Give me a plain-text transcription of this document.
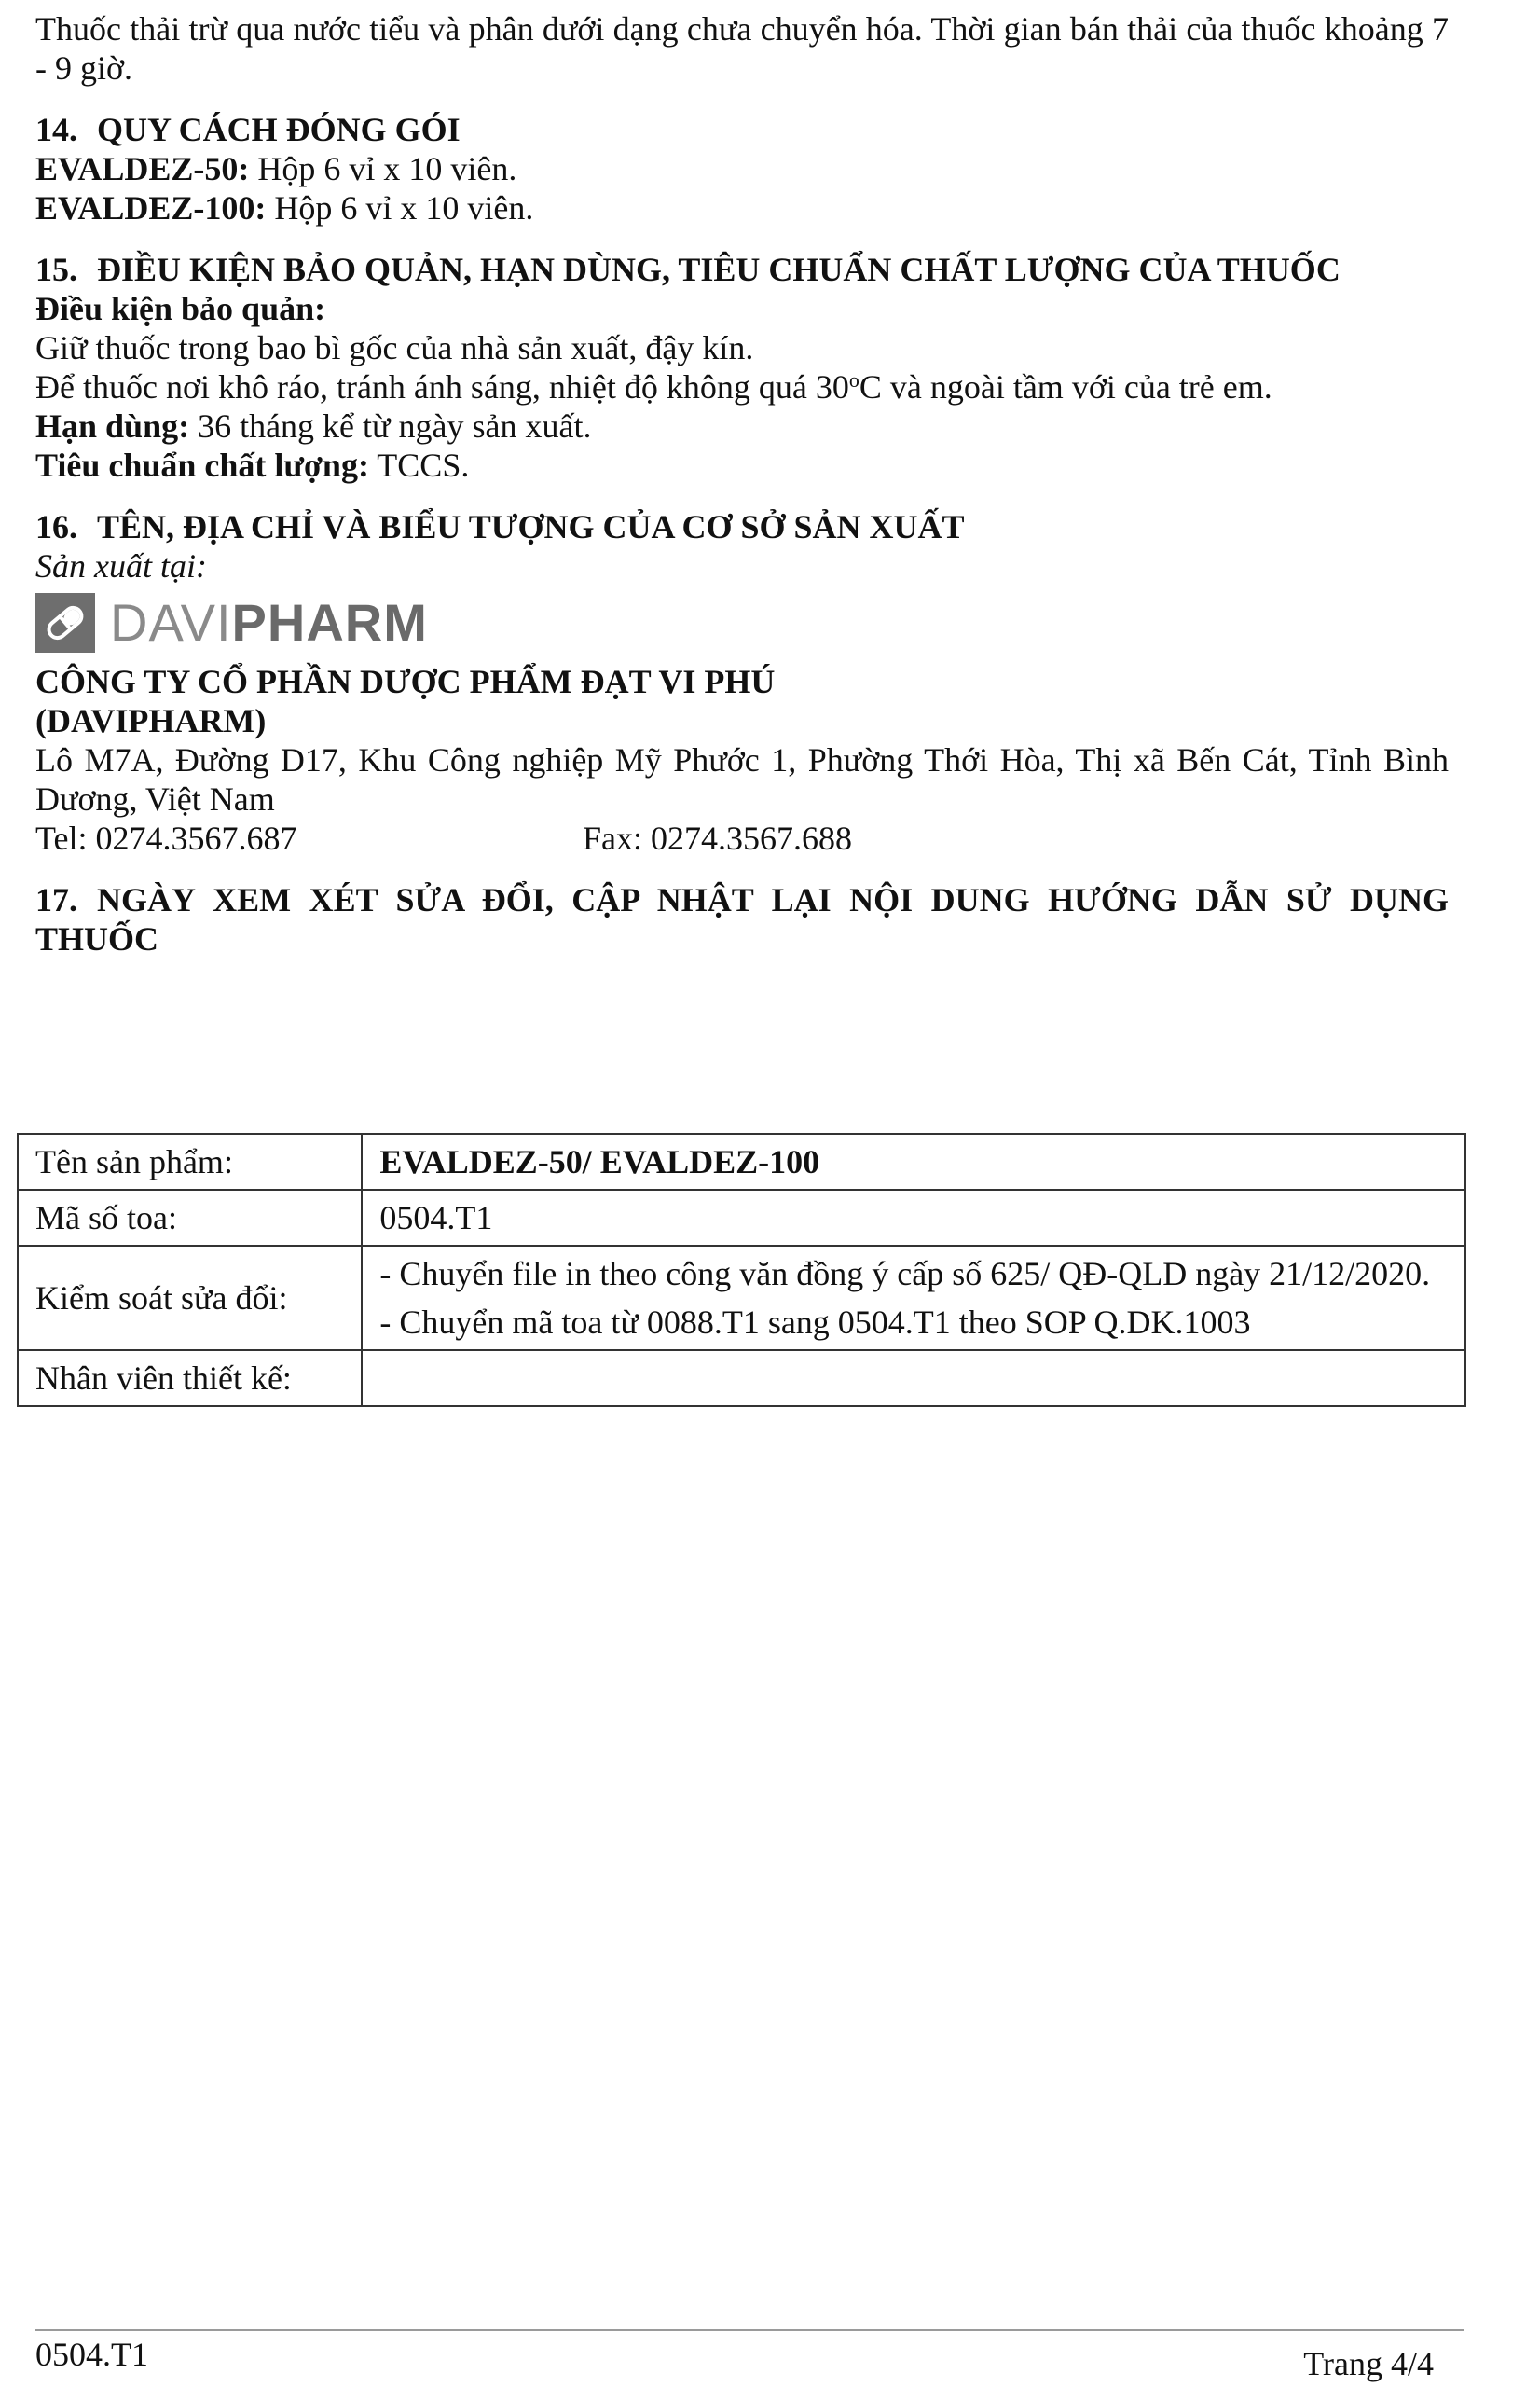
Thuốc thải trừ qua nước tiểu và phân dưới dạng chưa chuyển hóa. Thời gian bán thải của thuốc khoảng 7 - 9 giờ.

14. QUY CÁCH ĐÓNG GÓI

EVALDEZ-50: Hộp 6 vỉ x 10 viên.

EVALDEZ-100: Hộp 6 vỉ x 10 viên.

15. ĐIỀU KIỆN BẢO QUẢN, HẠN DÙNG, TIÊU CHUẨN CHẤT LƯỢNG CỦA THUỐC

Điều kiện bảo quản:

Giữ thuốc trong bao bì gốc của nhà sản xuất, đậy kín.

Để thuốc nơi khô ráo, tránh ánh sáng, nhiệt độ không quá 30$^o$C và ngoài tầm với của trẻ em.

Hạn dùng: 36 tháng kể từ ngày sản xuất.

Tiêu chuẩn chất lượng: TCCS.

16. TÊN, ĐỊA CHỈ VÀ BIỂU TƯỢNG CỦA CƠ SỞ SẢN XUẤT

Sản xuất tại:

DAVIPHARM

CÔNG TY CỔ PHẦN DƯỢC PHẨM ĐẠT VI PHÚ

(DAVIPHARM)

Lô M7A, Đường D17, Khu Công nghiệp Mỹ Phước 1, Phường Thới Hòa, Thị xã Bến Cát, Tỉnh Bình Dương, Việt Nam

Tel: 0274.3567.687	Fax: 0274.3567.688

17. NGÀY XEM XÉT SỬA ĐỔI, CẬP NHẬT LẠI NỘI DUNG HƯỚNG DẪN SỬ DỤNG THUỐC

Tên sản phẩm:	EVALDEZ-50/ EVALDEZ-100
Mã số toa:	0504.T1
Kiểm soát sửa đổi:	- Chuyển file in theo công văn đồng ý cấp số 625/ QĐ-QLD ngày 21/12/2020.
- Chuyển mã toa từ 0088.T1 sang 0504.T1 theo SOP Q.DK.1003

Nhân viên thiết kế:	
0504.T1	Trang 4/4
